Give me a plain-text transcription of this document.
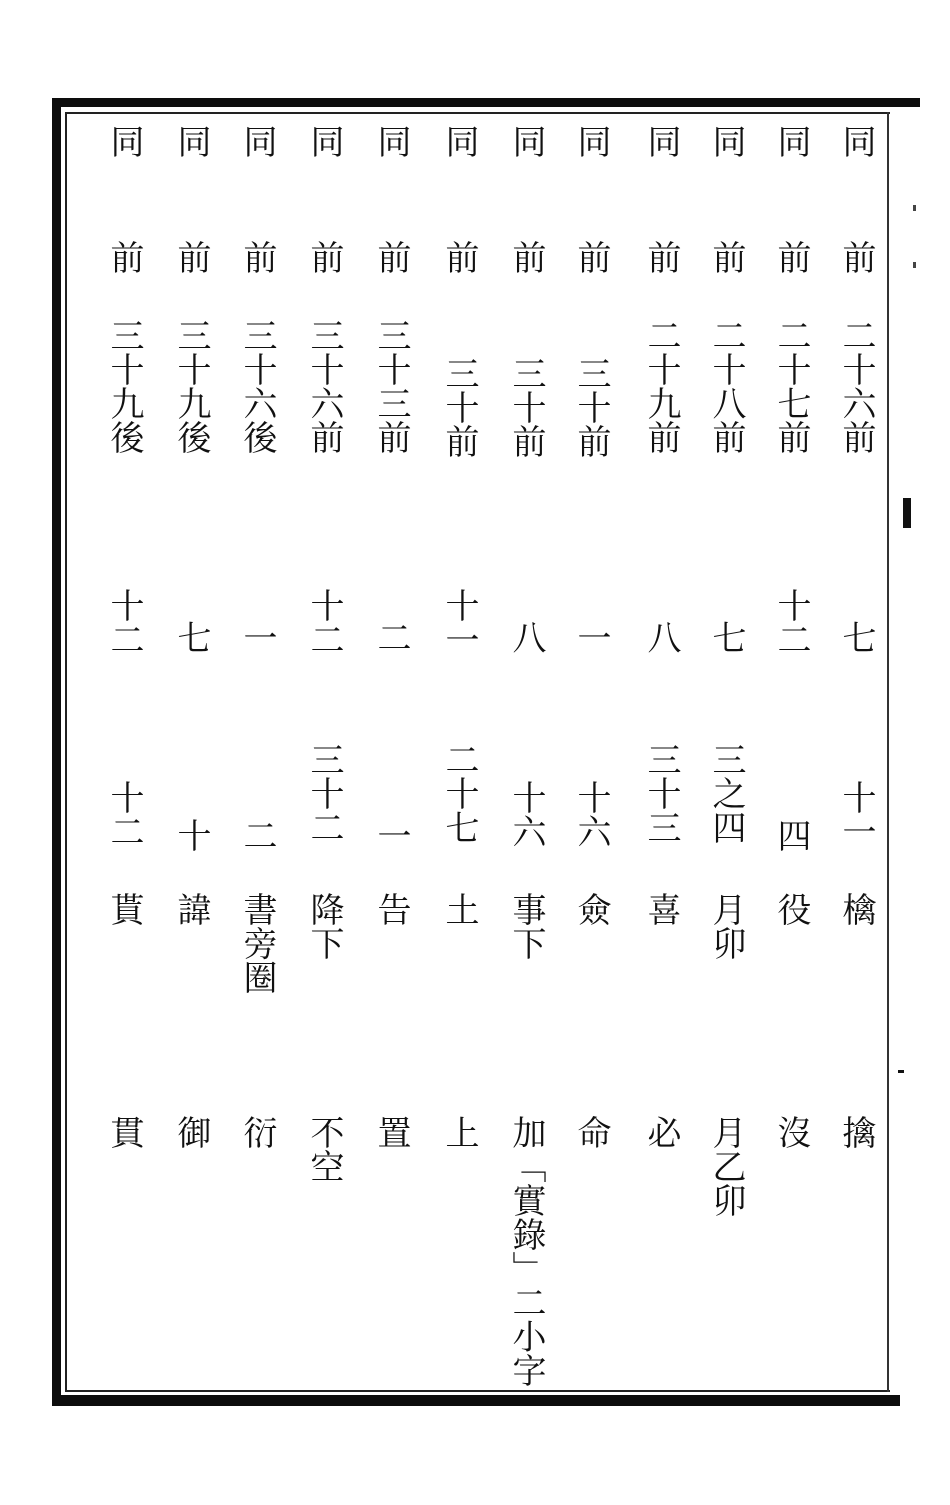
同
前
二十六前
七
十一
檎
擒
同
前
二十七前
十二
四
役
沒
同
前
二十八前
七
三之四
月卯
月乙卯
同
前
二十九前
八
三十三
喜
必
同
前
三十前
一
十六
僉
命
同
前
三十前
八
十六
事下
加「實錄」二小字
同
前
三十前
十一
二十七
土
上
同
前
三十三前
二
一
告
置
同
前
三十六前
十二
三十二
降下
不空
同
前
三十六後
一
二
書旁圈
衍
同
前
三十九後
七
十
諱
御
同
前
三十九後
十二
十二
貰
貫
